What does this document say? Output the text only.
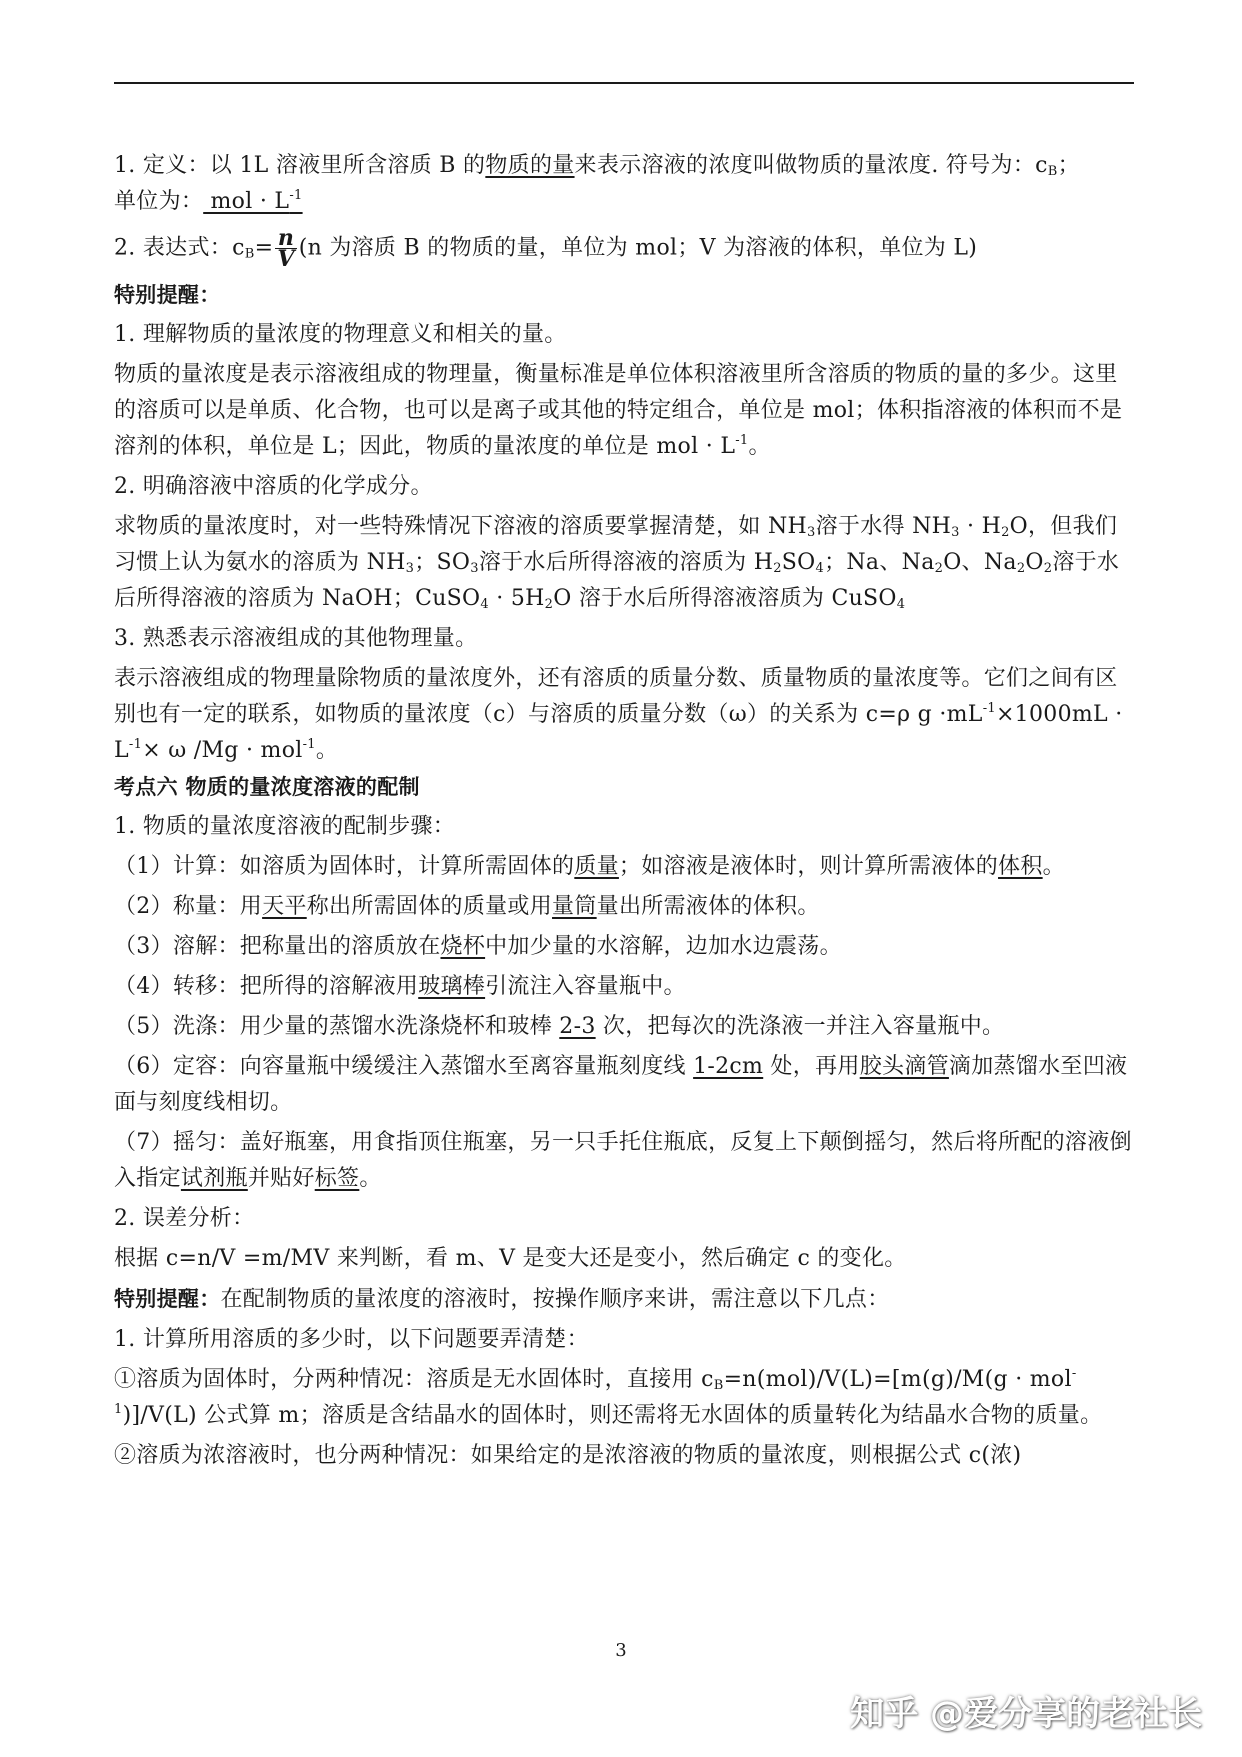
1. 定义：以 1L 溶液里所含溶质 B 的物质的量来表示溶液的浓度叫做物质的量浓度. 符号为：$c_B$；
单位为： mol · $L^{-1}$

2. 表达式：$c_B= \frac{n}{V} (n$ 为溶质 B 的物质的量，单位为 mol；V 为溶液的体积，单位为 L)

特别提醒：

1. 理解物质的量浓度的物理意义和相关的量。

物质的量浓度是表示溶液组成的物理量，衡量标准是单位体积溶液里所含溶质的物质的量的多少。这里的溶质可以是单质、化合物，也可以是离子或其他的特定组合，单位是 mol；体积指溶液的体积而不是溶剂的体积，单位是 L；因此，物质的量浓度的单位是 mol · $L^{-1}$。

2. 明确溶液中溶质的化学成分。

求物质的量浓度时，对一些特殊情况下溶液的溶质要掌握清楚，如 $NH_3$溶于水得 $NH_3 \cdot H_2O$，但我们习惯上认为氨水的溶质为 $NH_3$；$SO_3$溶于水后所得溶液的溶质为 $H_2SO_4$；Na、$Na_2O$、$Na_2O_2$溶于水后所得溶液的溶质为 NaOH；CuSO$_4$ · $5H_2O$ 溶于水后所得溶液溶质为 CuSO$_4$

3. 熟悉表示溶液组成的其他物理量。

表示溶液组成的物理量除物质的量浓度外，还有溶质的质量分数、质量物质的量浓度等。它们之间有区别也有一定的联系，如物质的量浓度（c）与溶质的质量分数（ω）的关系为 c=ρ $g \cdot mL^{-1}\times 1000mL \cdot L^{-1}\times \omega$ /Mg · mol$^{-1}$。

考点六 物质的量浓度溶液的配制

1. 物质的量浓度溶液的配制步骤：

（1）计算：如溶质为固体时，计算所需固体的质量；如溶液是液体时，则计算所需液体的体积。

（2）称量：用天平称出所需固体的质量或用量筒量出所需液体的体积。

（3）溶解：把称量出的溶质放在烧杯中加少量的水溶解，边加水边震荡。

（4）转移：把所得的溶解液用玻璃棒引流注入容量瓶中。

（5）洗涤：用少量的蒸馏水洗涤烧杯和玻棒 2-3 次，把每次的洗涤液一并注入容量瓶中。

（6）定容：向容量瓶中缓缓注入蒸馏水至离容量瓶刻度线 1-2cm 处，再用胶头滴管滴加蒸馏水至凹液面与刻度线相切。

（7）摇匀：盖好瓶塞，用食指顶住瓶塞，另一只手托住瓶底，反复上下颠倒摇匀，然后将所配的溶液倒入指定试剂瓶并贴好标签。

2. 误差分析：

根据 c=n/V =m/MV 来判断，看 m、V 是变大还是变小，然后确定 c 的变化。

特别提醒：在配制物质的量浓度的溶液时，按操作顺序来讲，需注意以下几点：

1. 计算所用溶质的多少时，以下问题要弄清楚：

①溶质为固体时，分两种情况：溶质是无水固体时，直接用 $c_B=n(mol)/V(L)=[m(g)/M(g \cdot mol^{-1})]/V(L)$ 公式算 m；溶质是含结晶水的固体时，则还需将无水固体的质量转化为结晶水合物的质量。

②溶质为浓溶液时，也分两种情况：如果给定的是浓溶液的物质的量浓度，则根据公式 c(浓)

3
知乎 @爱分享的老社长
